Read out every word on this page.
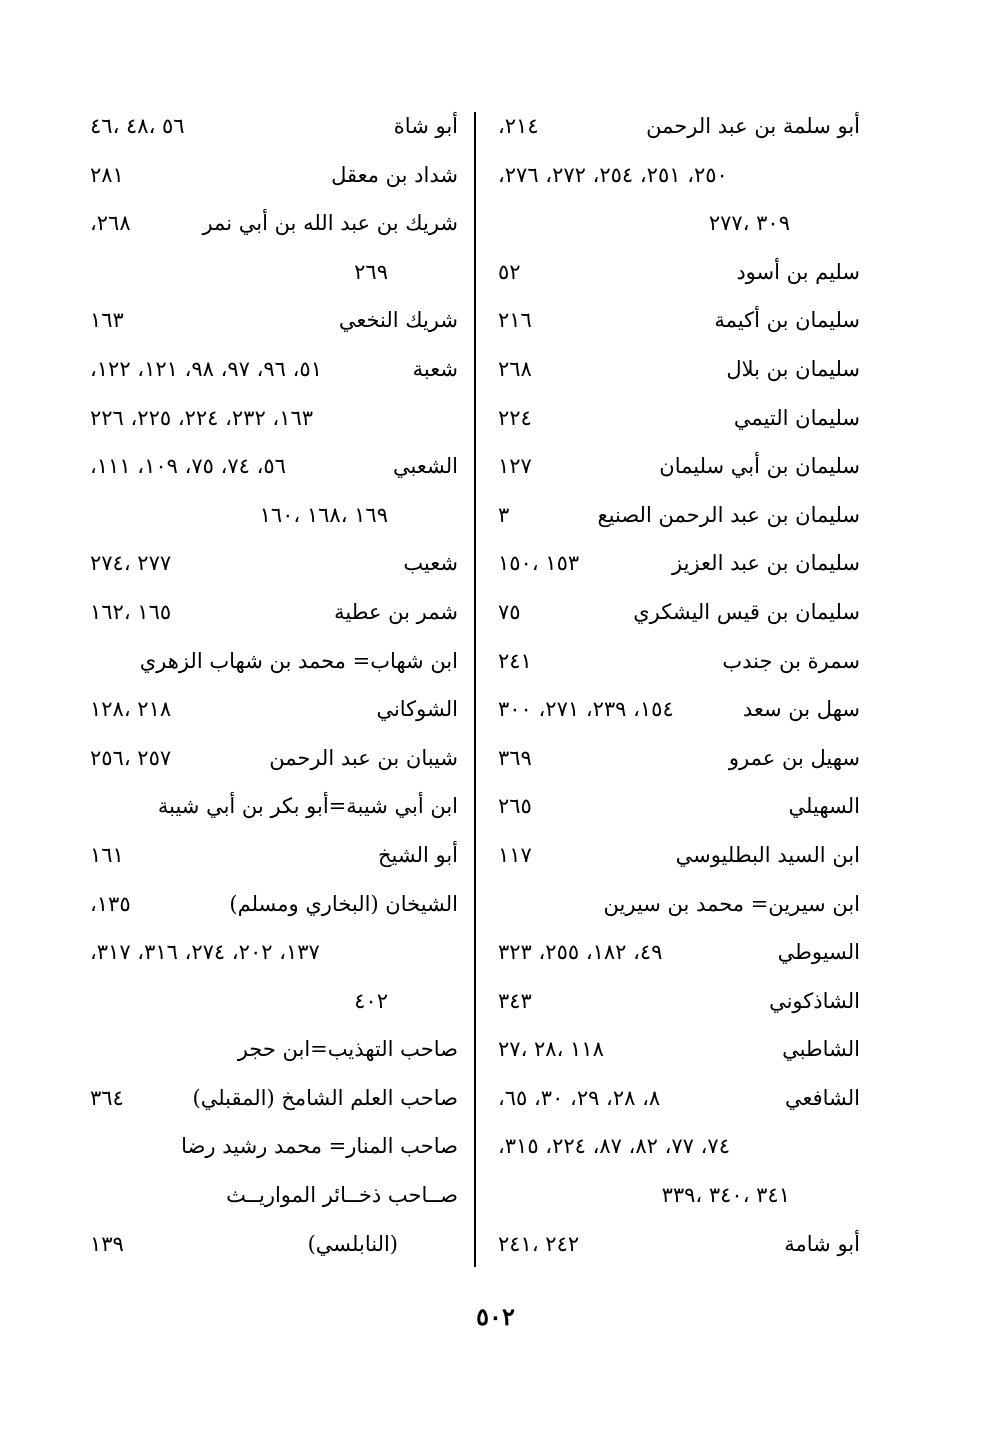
أبو سلمة بن عبد الرحمن
٢١٤،
٢٥٠، ٢٥١، ٢٥٤، ٢٧٢، ٢٧٦،
٣٠٩ ،٢٧٧
سليم بن أسود
٥٢
سليمان بن أكيمة
٢١٦
سليمان بن بلال
٢٦٨
سليمان التيمي
٢٢٤
سليمان بن أبي سليمان
١٢٧
سليمان بن عبد الرحمن الصنيع
٣
سليمان بن عبد العزيز
١٥٣ ،١٥٠
سليمان بن قيس اليشكري
٧٥
سمرة بن جندب
٢٤١
سهل بن سعد
١٥٤، ٢٣٩، ٢٧١، ٣٠٠
سهيل بن عمرو
٣٦٩
السهيلي
٢٦٥
ابن السيد البطليوسي
١١٧
ابن سيرين= محمد بن سيرين
السيوطي
٤٩، ١٨٢، ٢٥٥، ٣٢٣
الشاذكوني
٣٤٣
الشاطبي
١١٨ ،٢٨ ،٢٧
الشافعي
٨، ٢٨، ٢٩، ٣٠، ٦٥،
٧٤، ٧٧، ٨٢، ٨٧، ٢٢٤، ٣١٥،
٣٤١ ،٣٤٠ ،٣٣٩
أبو شامة
٢٤٢ ،٢٤١
أبو شاة
٥٦ ،٤٨ ،٤٦
شداد بن معقل
٢٨١
شريك بن عبد الله بن أبي نمر
٢٦٨،
٢٦٩
شريك النخعي
١٦٣
شعبة
٥١، ٩٦، ٩٧، ٩٨، ١٢١، ١٢٢،
١٦٣، ٢٣٢، ٢٢٤، ٢٢٥، ٢٢٦
الشعبي
٥٦، ٧٤، ٧٥، ١٠٩، ١١١،
١٦٩ ،١٦٨ ،١٦٠
شعيب
٢٧٧ ،٢٧٤
شمر بن عطية
١٦٥ ،١٦٢
ابن شهاب= محمد بن شهاب الزهري
الشوكاني
٢١٨ ،١٢٨
شيبان بن عبد الرحمن
٢٥٧ ،٢٥٦
ابن أبي شيبة=أبو بكر بن أبي شيبة
أبو الشيخ
١٦١
الشيخان (البخاري ومسلم)
١٣٥،
١٣٧، ٢٠٢، ٢٧٤، ٣١٦، ٣١٧،
٤٠٢
صاحب التهذيب=ابن حجر
صاحب العلم الشامخ (المقبلي)
٣٦٤
صاحب المنار= محمد رشيد رضا
صــاحب ذخــائر المواريــث
(النابلسي)
١٣٩
٥٠٢
